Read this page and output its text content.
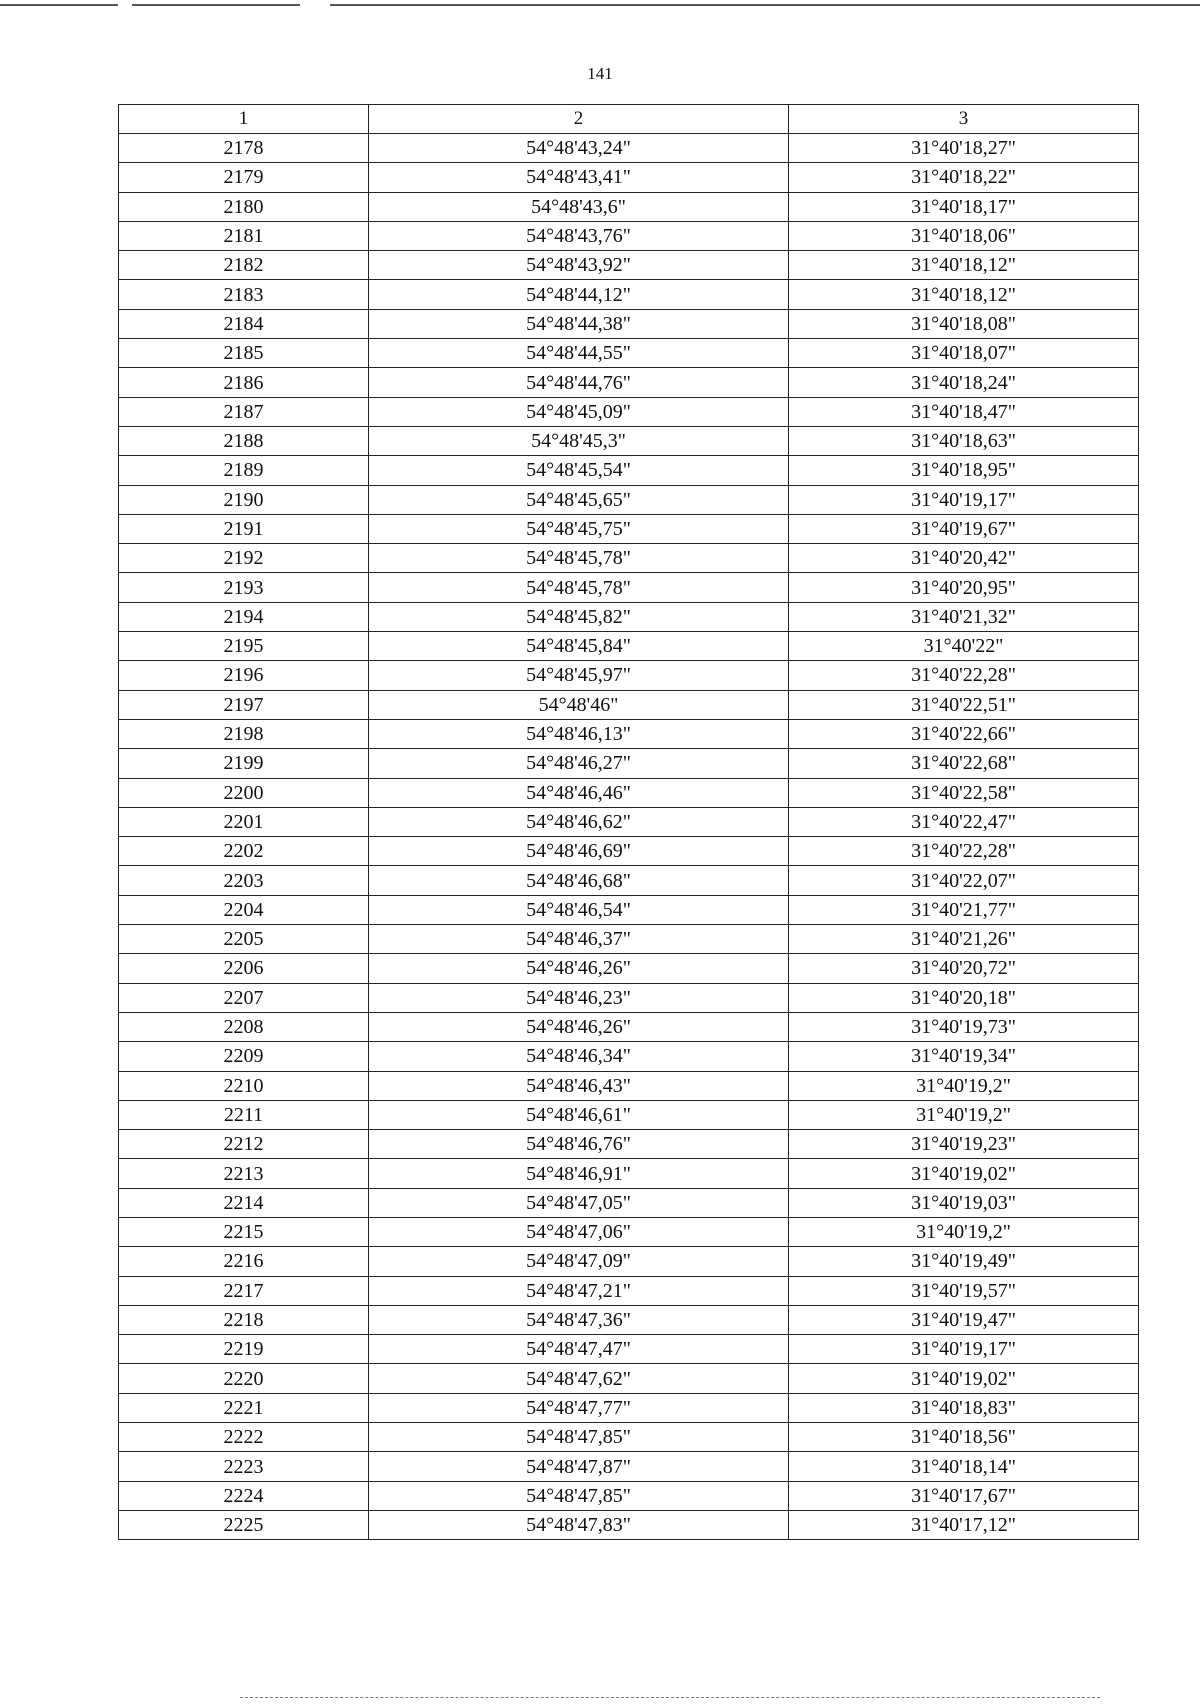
141
1	2	3
2178	54°48'43,24"	31°40'18,27"
2179	54°48'43,41"	31°40'18,22"
2180	54°48'43,6"	31°40'18,17"
2181	54°48'43,76"	31°40'18,06"
2182	54°48'43,92"	31°40'18,12"
2183	54°48'44,12"	31°40'18,12"
2184	54°48'44,38"	31°40'18,08"
2185	54°48'44,55"	31°40'18,07"
2186	54°48'44,76"	31°40'18,24"
2187	54°48'45,09"	31°40'18,47"
2188	54°48'45,3"	31°40'18,63"
2189	54°48'45,54"	31°40'18,95"
2190	54°48'45,65"	31°40'19,17"
2191	54°48'45,75"	31°40'19,67"
2192	54°48'45,78"	31°40'20,42"
2193	54°48'45,78"	31°40'20,95"
2194	54°48'45,82"	31°40'21,32"
2195	54°48'45,84"	31°40'22"
2196	54°48'45,97"	31°40'22,28"
2197	54°48'46"	31°40'22,51"
2198	54°48'46,13"	31°40'22,66"
2199	54°48'46,27"	31°40'22,68"
2200	54°48'46,46"	31°40'22,58"
2201	54°48'46,62"	31°40'22,47"
2202	54°48'46,69"	31°40'22,28"
2203	54°48'46,68"	31°40'22,07"
2204	54°48'46,54"	31°40'21,77"
2205	54°48'46,37"	31°40'21,26"
2206	54°48'46,26"	31°40'20,72"
2207	54°48'46,23"	31°40'20,18"
2208	54°48'46,26"	31°40'19,73"
2209	54°48'46,34"	31°40'19,34"
2210	54°48'46,43"	31°40'19,2"
2211	54°48'46,61"	31°40'19,2"
2212	54°48'46,76"	31°40'19,23"
2213	54°48'46,91"	31°40'19,02"
2214	54°48'47,05"	31°40'19,03"
2215	54°48'47,06"	31°40'19,2"
2216	54°48'47,09"	31°40'19,49"
2217	54°48'47,21"	31°40'19,57"
2218	54°48'47,36"	31°40'19,47"
2219	54°48'47,47"	31°40'19,17"
2220	54°48'47,62"	31°40'19,02"
2221	54°48'47,77"	31°40'18,83"
2222	54°48'47,85"	31°40'18,56"
2223	54°48'47,87"	31°40'18,14"
2224	54°48'47,85"	31°40'17,67"
2225	54°48'47,83"	31°40'17,12"
